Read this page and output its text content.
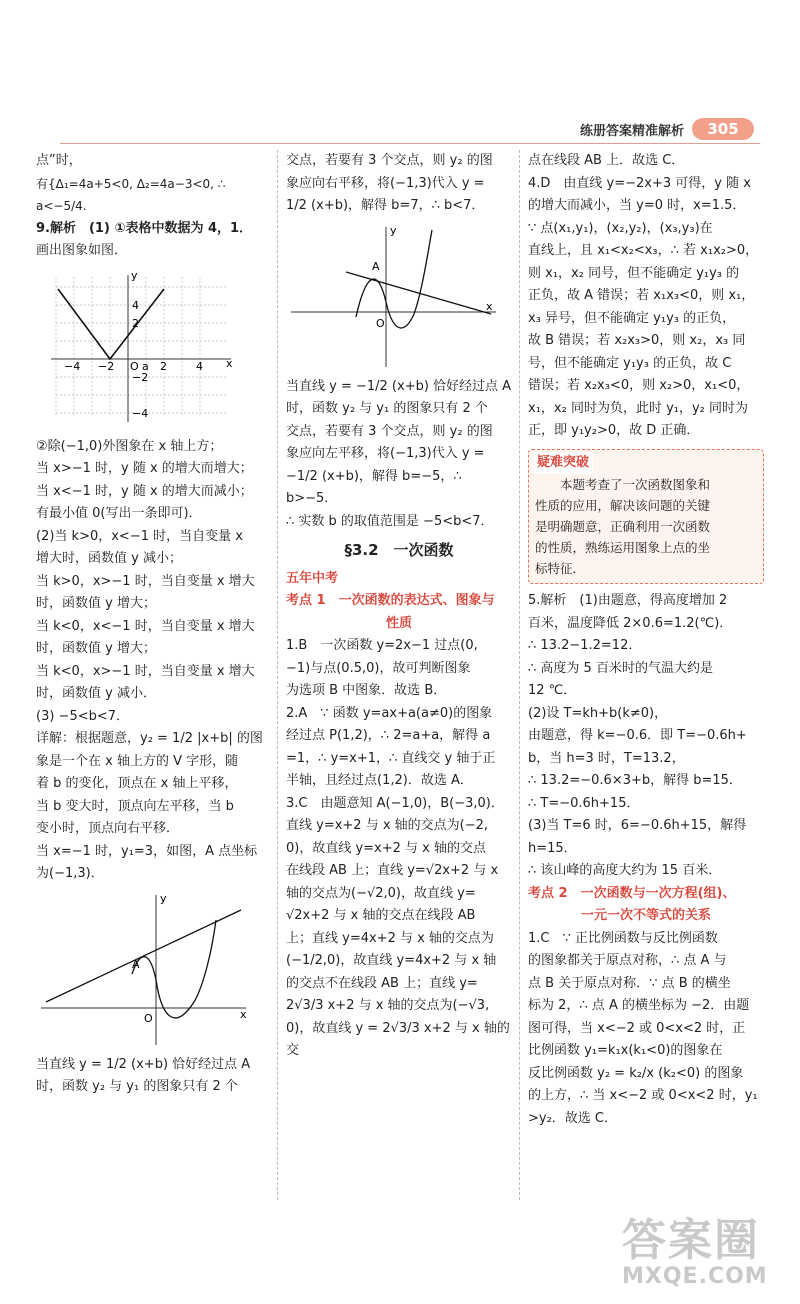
练册答案精准解析	305

点”时，

有{Δ₁=4a+5<0, Δ₂=4a−3<0, ∴ a<−5/4.

9.解析　(1) ①表格中数据为 4，1．

画出图象如图．

y
x
O a
4
2
−2
−4
−4 −2	2	4

②除(−1,0)外图象在 x 轴上方；

当 x>−1 时，y 随 x 的增大而增大；

当 x<−1 时，y 随 x 的增大而减小；

有最小值 0(写出一条即可)．

(2)当 k>0，x<−1 时，当自变量 x

增大时，函数值 y 减小；

当 k>0，x>−1 时，当自变量 x 增大

时，函数值 y 增大；

当 k<0，x<−1 时，当自变量 x 增大

时，函数值 y 增大；

当 k<0，x>−1 时，当自变量 x 增大

时，函数值 y 减小．

(3) −5<b<7．

详解：根据题意，y₂ = 1/2 |x+b| 的图

象是一个在 x 轴上方的 V 字形，随

着 b 的变化，顶点在 x 轴上平移，

当 b 变大时，顶点向左平移，当 b

变小时，顶点向右平移．

当 x=−1 时，y₁=3，如图，A 点坐标

为(−1,3)．

y
A
O	x

当直线 y = 1/2 (x+b) 恰好经过点 A

时，函数 y₂ 与 y₁ 的图象只有 2 个

交点，若要有 3 个交点，则 y₂ 的图

象应向右平移，将(−1,3)代入 y =

1/2 (x+b)，解得 b=7，∴ b<7．

y
A
O
x

当直线 y = −1/2 (x+b) 恰好经过点 A

时，函数 y₂ 与 y₁ 的图象只有 2 个

交点，若要有 3 个交点，则 y₂ 的图

象应向左平移，将(−1,3)代入 y =

−1/2 (x+b)，解得 b=−5，∴ b>−5．

∴ 实数 b 的取值范围是 −5<b<7．

§3.2　一次函数

五年中考

考点 1　一次函数的表达式、图象与

性质

1.B　一次函数 y=2x−1 过点(0,

−1)与点(0.5,0)，故可判断图象

为选项 B 中图象．故选 B．

2.A　∵ 函数 y=ax+a(a≠0)的图象

经过点 P(1,2)，∴ 2=a+a，解得 a

=1，∴ y=x+1，∴ 直线交 y 轴于正

半轴，且经过点(1,2)．故选 A．

3.C　由题意知 A(−1,0)，B(−3,0)．

直线 y=x+2 与 x 轴的交点为(−2,

0)，故直线 y=x+2 与 x 轴的交点

在线段 AB 上；直线 y=√2x+2 与 x

轴的交点为(−√2,0)，故直线 y=

√2x+2 与 x 轴的交点在线段 AB

上；直线 y=4x+2 与 x 轴的交点为

(−1/2,0)，故直线 y=4x+2 与 x 轴

的交点不在线段 AB 上；直线 y=

2√3/3 x+2 与 x 轴的交点为(−√3,

0)，故直线 y = 2√3/3 x+2 与 x 轴的交

点在线段 AB 上．故选 C．

4.D　由直线 y=−2x+3 可得，y 随 x

的增大而减小，当 y=0 时，x=1.5．

∵ 点(x₁,y₁)，(x₂,y₂)，(x₃,y₃)在

直线上，且 x₁<x₂<x₃，∴ 若 x₁x₂>0，

则 x₁，x₂ 同号，但不能确定 y₁y₃ 的

正负，故 A 错误；若 x₁x₃<0，则 x₁，

x₃ 异号，但不能确定 y₁y₃ 的正负，

故 B 错误；若 x₂x₃>0，则 x₂，x₃ 同

号，但不能确定 y₁y₃ 的正负，故 C

错误；若 x₂x₃<0，则 x₂>0，x₁<0，

x₁，x₂ 同时为负，此时 y₁，y₂ 同时为

正，即 y₁y₂>0，故 D 正确．

疑难突破

本题考查了一次函数图象和

性质的应用，解决该问题的关键

是明确题意，正确利用一次函数

的性质，熟练运用图象上点的坐

标特征．

5.解析　(1)由题意，得高度增加 2

百米，温度降低 2×0.6=1.2(℃)．

∴ 13.2−1.2=12．

∴ 高度为 5 百米时的气温大约是

12 ℃．

(2)设 T=kh+b(k≠0)，

由题意，得 k=−0.6．即 T=−0.6h+

b，当 h=3 时，T=13.2，

∴ 13.2=−0.6×3+b，解得 b=15．

∴ T=−0.6h+15．

(3)当 T=6 时，6=−0.6h+15，解得

h=15．

∴ 该山峰的高度大约为 15 百米．

考点 2　一次函数与一次方程(组)、

一元一次不等式的关系

1.C　∵ 正比例函数与反比例函数

的图象都关于原点对称，∴ 点 A 与

点 B 关于原点对称．∵ 点 B 的横坐

标为 2，∴ 点 A 的横坐标为 −2．由题

图可得，当 x<−2 或 0<x<2 时，正

比例函数 y₁=k₁x(k₁<0)的图象在

反比例函数 y₂ = k₂/x (k₂<0) 的图象

的上方，∴ 当 x<−2 或 0<x<2 时，y₁

>y₂．故选 C．

答案圈
MXQE.COM
